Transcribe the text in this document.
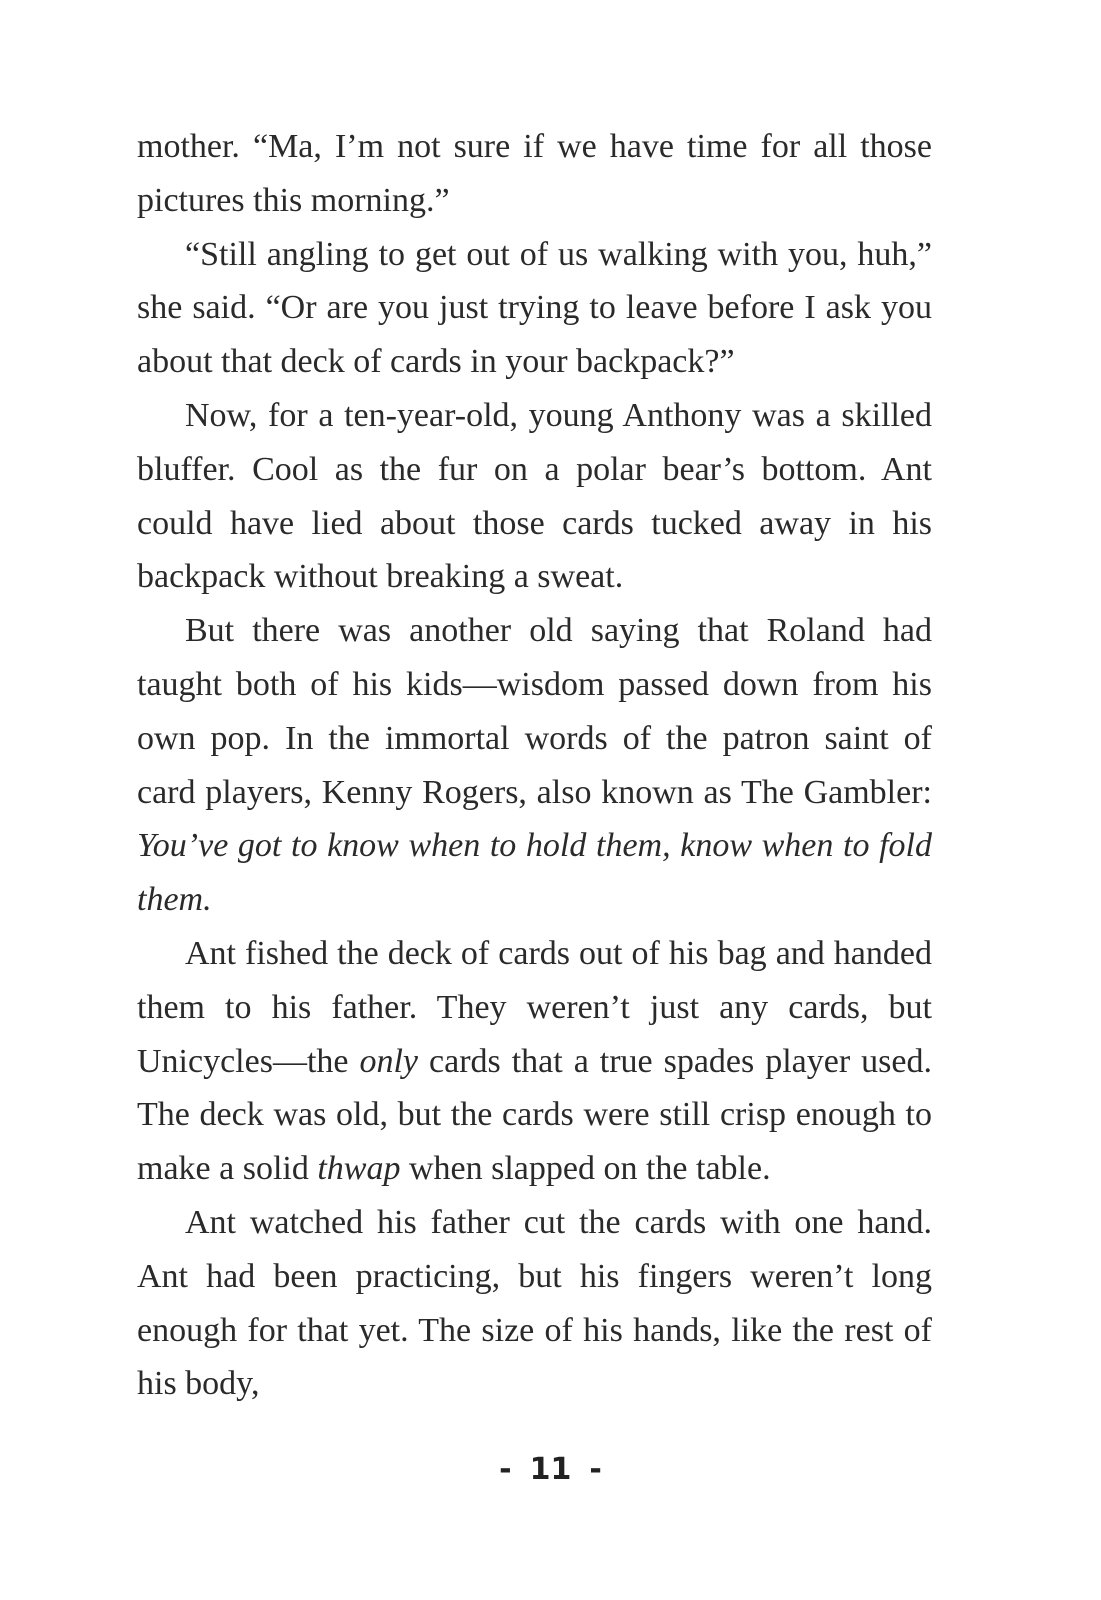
mother. “Ma, I’m not sure if we have time for all those pictures this morning.”

“Still angling to get out of us walking with you, huh,” she said. “Or are you just trying to leave before I ask you about that deck of cards in your backpack?”

Now, for a ten-year-old, young Anthony was a skilled bluffer. Cool as the fur on a polar bear’s bottom. Ant could have lied about those cards tucked away in his backpack without breaking a sweat.

But there was another old saying that Roland had taught both of his kids—wisdom passed down from his own pop. In the immortal words of the patron saint of card players, Kenny Rogers, also known as The Gambler: You’ve got to know when to hold them, know when to fold them.

Ant fished the deck of cards out of his bag and handed them to his father. They weren’t just any cards, but Unicycles—the only cards that a true spades player used. The deck was old, but the cards were still crisp enough to make a solid thwap when slapped on the table.

Ant watched his father cut the cards with one hand. Ant had been practicing, but his fingers weren’t long enough for that yet. The size of his hands, like the rest of his body,

- 11 -
